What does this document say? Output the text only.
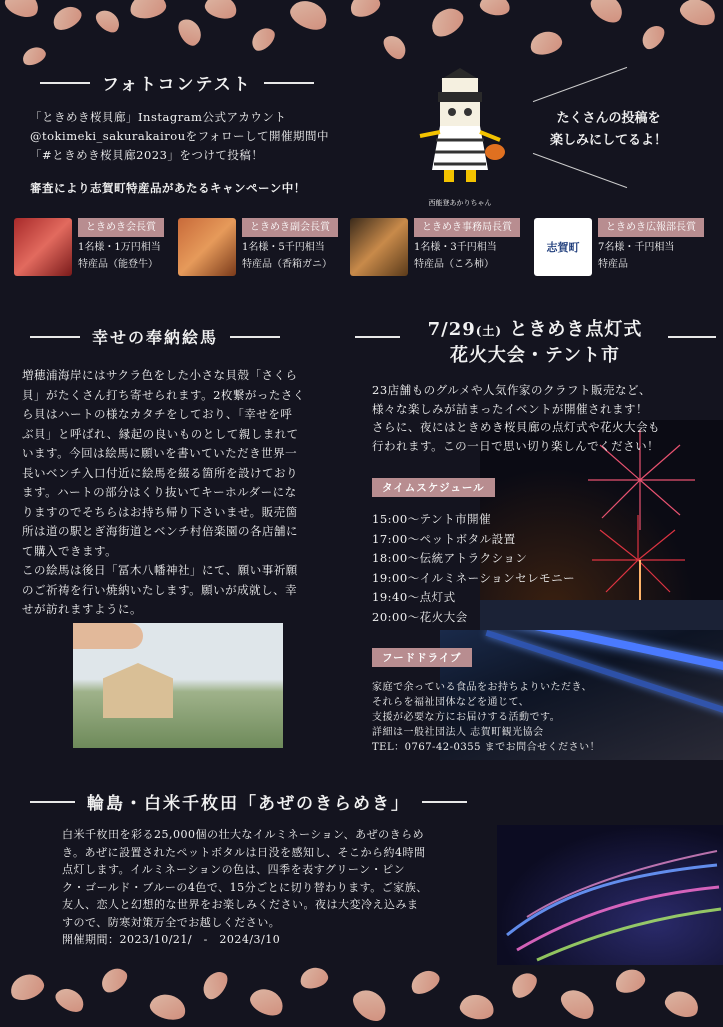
フォトコンテスト
「ときめき桜貝廊」Instagram公式アカウント
@tokimeki_sakurakairouをフォローして開催期間中
「#ときめき桜貝廊2023」をつけて投稿！
審査により志賀町特産品があたるキャンペーン中！
西能登あかりちゃん
たくさんの投稿を
楽しみにしてるよ！
ときめき会長賞
1名様・1万円相当
特産品（能登牛）
ときめき副会長賞
1名様・5千円相当
特産品（香箱ガニ）
ときめき事務局長賞
1名様・3千円相当
特産品（ころ柿）
志賀町
ときめき広報部長賞
7名様・千円相当
特産品
幸せの奉納絵馬
増穂浦海岸にはサクラ色をした小さな貝殻「さくら
貝」がたくさん打ち寄せられます。2枚繋がったさく
ら貝はハートの様なカタチをしており、「幸せを呼
ぶ貝」と呼ばれ、縁起の良いものとして親しまれて
います。今回は絵馬に願いを書いていただき世界一
長いベンチ入口付近に絵馬を綴る箇所を設けており
ます。ハートの部分はくり抜いてキーホルダーにな
りますのでそちらはお持ち帰り下さいませ。販売箇
所は道の駅とぎ海街道とベンチ村倍楽園の各店舗に
て購入できます。
この絵馬は後日「冨木八幡神社」にて、願い事祈願
のご祈祷を行い焼納いたします。願いが成就し、幸
せが訪れますように。
7/29(土) ときめき点灯式
花火大会・テント市
23店舗ものグルメや人気作家のクラフト販売など、
様々な楽しみが詰まったイベントが開催されます！
さらに、夜にはときめき桜貝廊の点灯式や花火大会も
行われます。この一日で思い切り楽しんでください！
タイムスケジュール
15:00～テント市開催
17:00～ペットボタル設置
18:00～伝統アトラクション
19:00～イルミネーションセレモニー
19:40～点灯式
20:00～花火大会
フードドライブ
家庭で余っている食品をお持ちよりいただき、
それらを福祉団体などを通じて、
支援が必要な方にお届けする活動です。
詳細は一般社団法人 志賀町観光協会
TEL：0767-42-0355 までお問合せください！
輪島・白米千枚田「あぜのきらめき」
白米千枚田を彩る25,000個の壮大なイルミネーション、あぜのきらめ
き。あぜに設置されたペットボタルは日没を感知し、そこから約4時間
点灯します。イルミネーションの色は、四季を表すグリーン・ピン
ク・ゴールド・ブルーの4色で、15分ごとに切り替わります。ご家族、
友人、恋人と幻想的な世界をお楽しみください。夜は大変冷え込みま
すので、防寒対策万全でお越しください。
開催期間：2023/10/21/　-　2024/3/10
